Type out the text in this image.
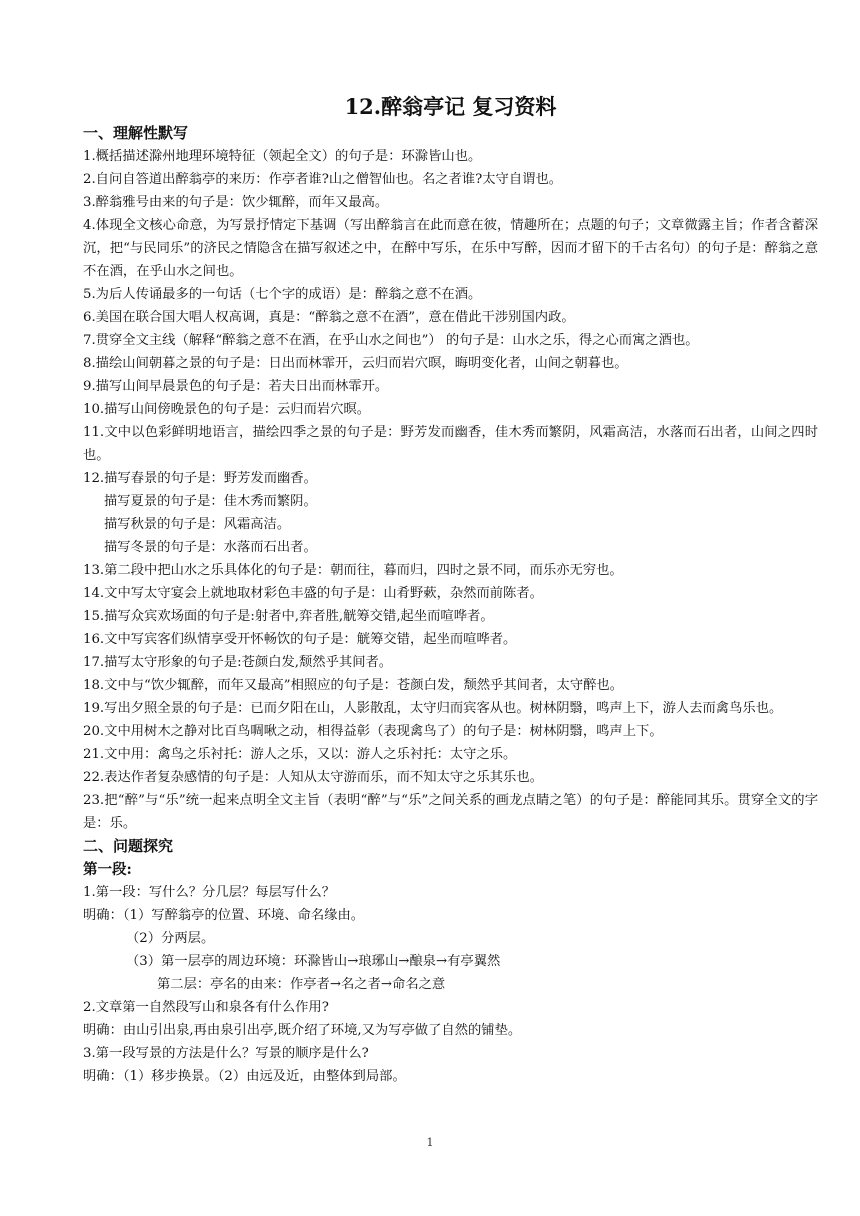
12.醉翁亭记 复习资料
一、理解性默写
1.概括描述滁州地理环境特征（领起全文）的句子是：环滁皆山也。
2.自问自答道出醉翁亭的来历：作亭者谁?山之僧智仙也。名之者谁?太守自谓也。
3.醉翁雅号由来的句子是：饮少辄醉，而年又最高。
4.体现全文核心命意，为写景抒情定下基调（写出醉翁言在此而意在彼，情趣所在；点题的句子；文章微露主旨；作者含蓄深沉，把“与民同乐”的济民之情隐含在描写叙述之中，在醉中写乐，在乐中写醉，因而才留下的千古名句）的句子是：醉翁之意不在酒，在乎山水之间也。
5.为后人传诵最多的一句话（七个字的成语）是：醉翁之意不在酒。
6.美国在联合国大唱人权高调，真是：“醉翁之意不在酒”，意在借此干涉别国内政。
7.贯穿全文主线（解释“醉翁之意不在酒，在乎山水之间也”） 的句子是：山水之乐，得之心而寓之酒也。
8.描绘山间朝暮之景的句子是：日出而林霏开，云归而岩穴暝，晦明变化者，山间之朝暮也。
9.描写山间早晨景色的句子是：若夫日出而林霏开。
10.描写山间傍晚景色的句子是：云归而岩穴暝。
11.文中以色彩鲜明地语言，描绘四季之景的句子是：野芳发而幽香，佳木秀而繁阴，风霜高洁，水落而石出者，山间之四时也。
12.描写春景的句子是：野芳发而幽香。
描写夏景的句子是：佳木秀而繁阴。
描写秋景的句子是：风霜高洁。
描写冬景的句子是：水落而石出者。
13.第二段中把山水之乐具体化的句子是：朝而往，暮而归，四时之景不同，而乐亦无穷也。
14.文中写太守宴会上就地取材彩色丰盛的句子是：山肴野蔌，杂然而前陈者。
15.描写众宾欢场面的句子是:射者中,弈者胜,觥筹交错,起坐而喧哗者。
16.文中写宾客们纵情享受开怀畅饮的句子是：觥筹交错，起坐而喧哗者。
17.描写太守形象的句子是:苍颜白发,颓然乎其间者。
18.文中与“饮少辄醉，而年又最高”相照应的句子是：苍颜白发，颓然乎其间者，太守醉也。
19.写出夕照全景的句子是：已而夕阳在山，人影散乱，太守归而宾客从也。树林阴翳，鸣声上下，游人去而禽鸟乐也。
20.文中用树木之静对比百鸟啁啾之动，相得益彰（表现禽鸟了）的句子是：树林阴翳，鸣声上下。
21.文中用：禽鸟之乐衬托：游人之乐，又以：游人之乐衬托：太守之乐。
22.表达作者复杂感情的句子是：人知从太守游而乐，而不知太守之乐其乐也。
23.把“醉”与“乐”统一起来点明全文主旨（表明“醉”与“乐”之间关系的画龙点睛之笔）的句子是：醉能同其乐。贯穿全文的字是：乐。
二、问题探究
第一段:
1.第一段：写什么？分几层？每层写什么？
明确：（1）写醉翁亭的位置、环境、命名缘由。
（2）分两层。
（3）第一层亭的周边环境：环滁皆山→琅琊山→酿泉→有亭翼然
第二层：亭名的由来：作亭者→名之者→命名之意
2.文章第一自然段写山和泉各有什么作用?
明确：由山引出泉,再由泉引出亭,既介绍了环境,又为写亭做了自然的铺垫。
3.第一段写景的方法是什么？写景的顺序是什么?
明确：（1）移步换景。（2）由远及近，由整体到局部。
1
